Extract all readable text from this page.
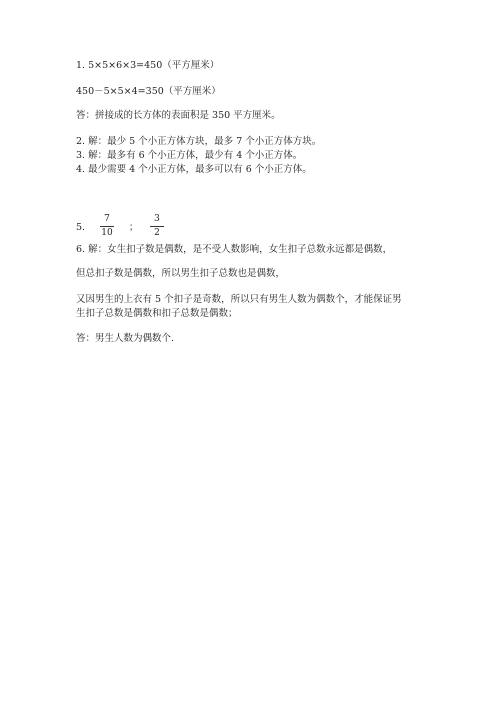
1. 5×5×6×3=450（平方厘米）
450－5×5×4=350（平方厘米）
答：拼接成的长方体的表面积是 350 平方厘米。
2. 解：最少 5 个小正方体方块，最多 7 个小正方体方块。
3. 解：最多有 6 个小正方体，最少有 4 个小正方体。
4. 最少需要 4 个小正方体，最多可以有 6 个小正方体。
5.
7
10 ；
3
2
6. 解：女生扣子数是偶数，是不受人数影响，女生扣子总数永远都是偶数，
但总扣子数是偶数，所以男生扣子总数也是偶数，
又因男生的上衣有 5 个扣子是奇数，所以只有男生人数为偶数个，才能保证男
生扣子总数是偶数和扣子总数是偶数；
答：男生人数为偶数个.
